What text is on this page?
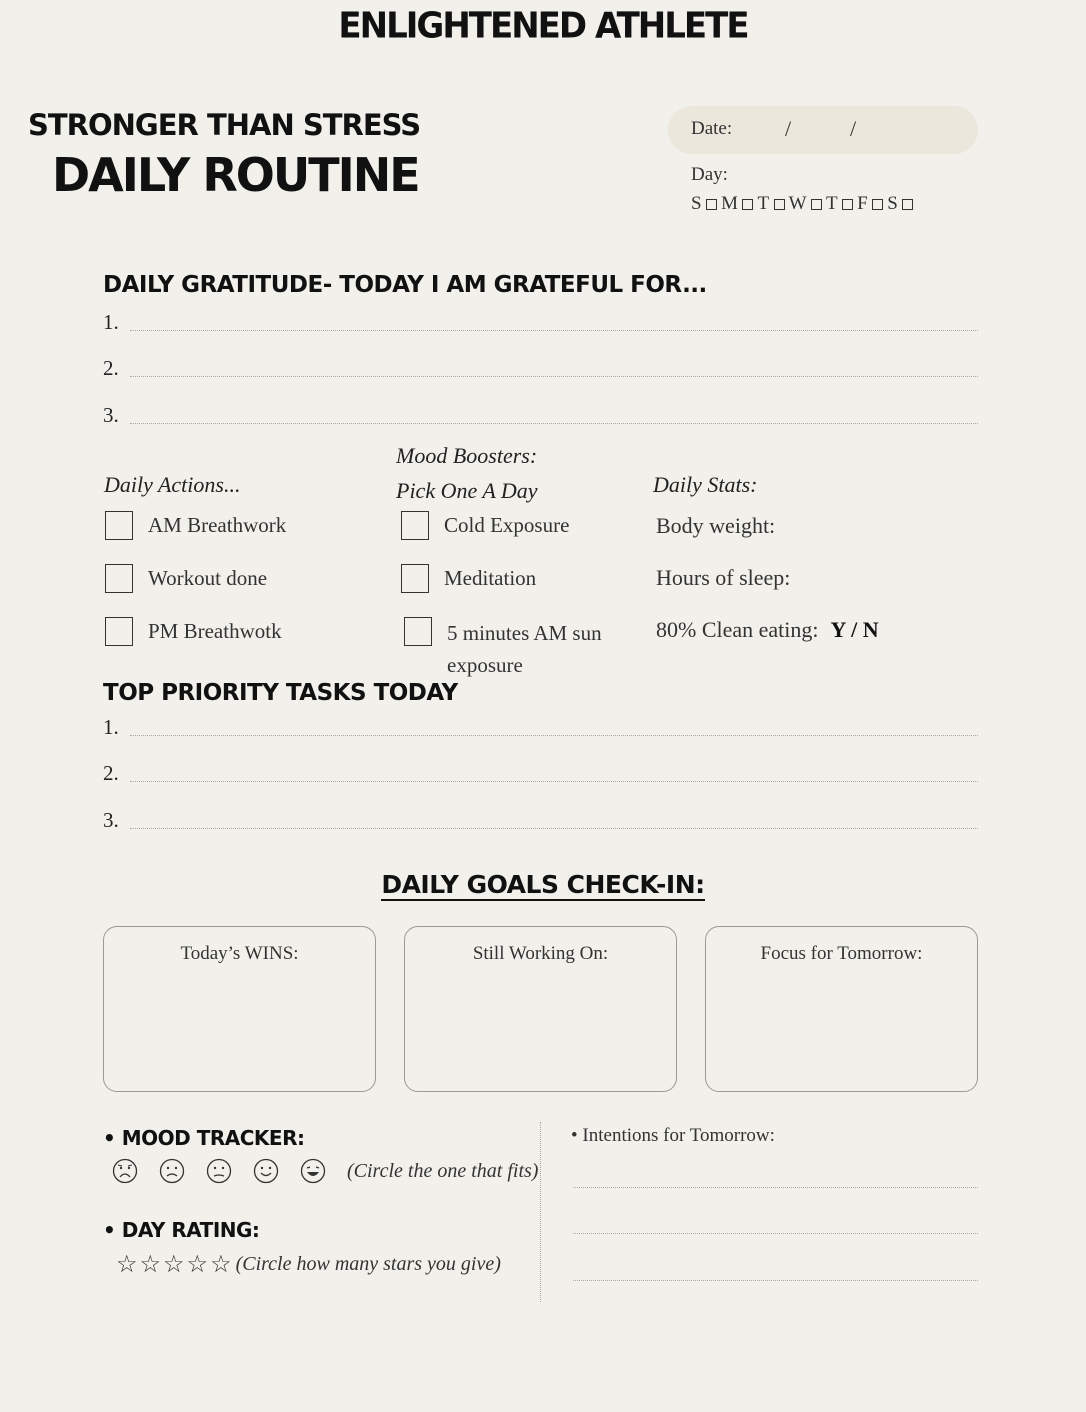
ENLIGHTENED ATHLETE
STRONGER THAN STRESS
DAILY ROUTINE
Date: /	/
Day:
S M T W T F S
DAILY GRATITUDE- TODAY I AM GRATEFUL FOR...
1.
2.
3.
Daily Actions...
AM Breathwork
Workout done
PM Breathwotk
Mood Boosters:
Pick One A Day
Cold Exposure
Meditation
5 minutes AM sun exposure
Daily Stats:
Body weight:
Hours of sleep:
80% Clean eating: Y / N
TOP PRIORITY TASKS TODAY
1.
2.
3.
DAILY GOALS CHECK-IN:
Today’s WINS:	Still Working On:	Focus for Tomorrow:
• MOOD TRACKER:
(Circle the one that fits)
• DAY RATING:
☆ ☆ ☆ ☆ ☆ (Circle how many stars you give)
• Intentions for Tomorrow:
